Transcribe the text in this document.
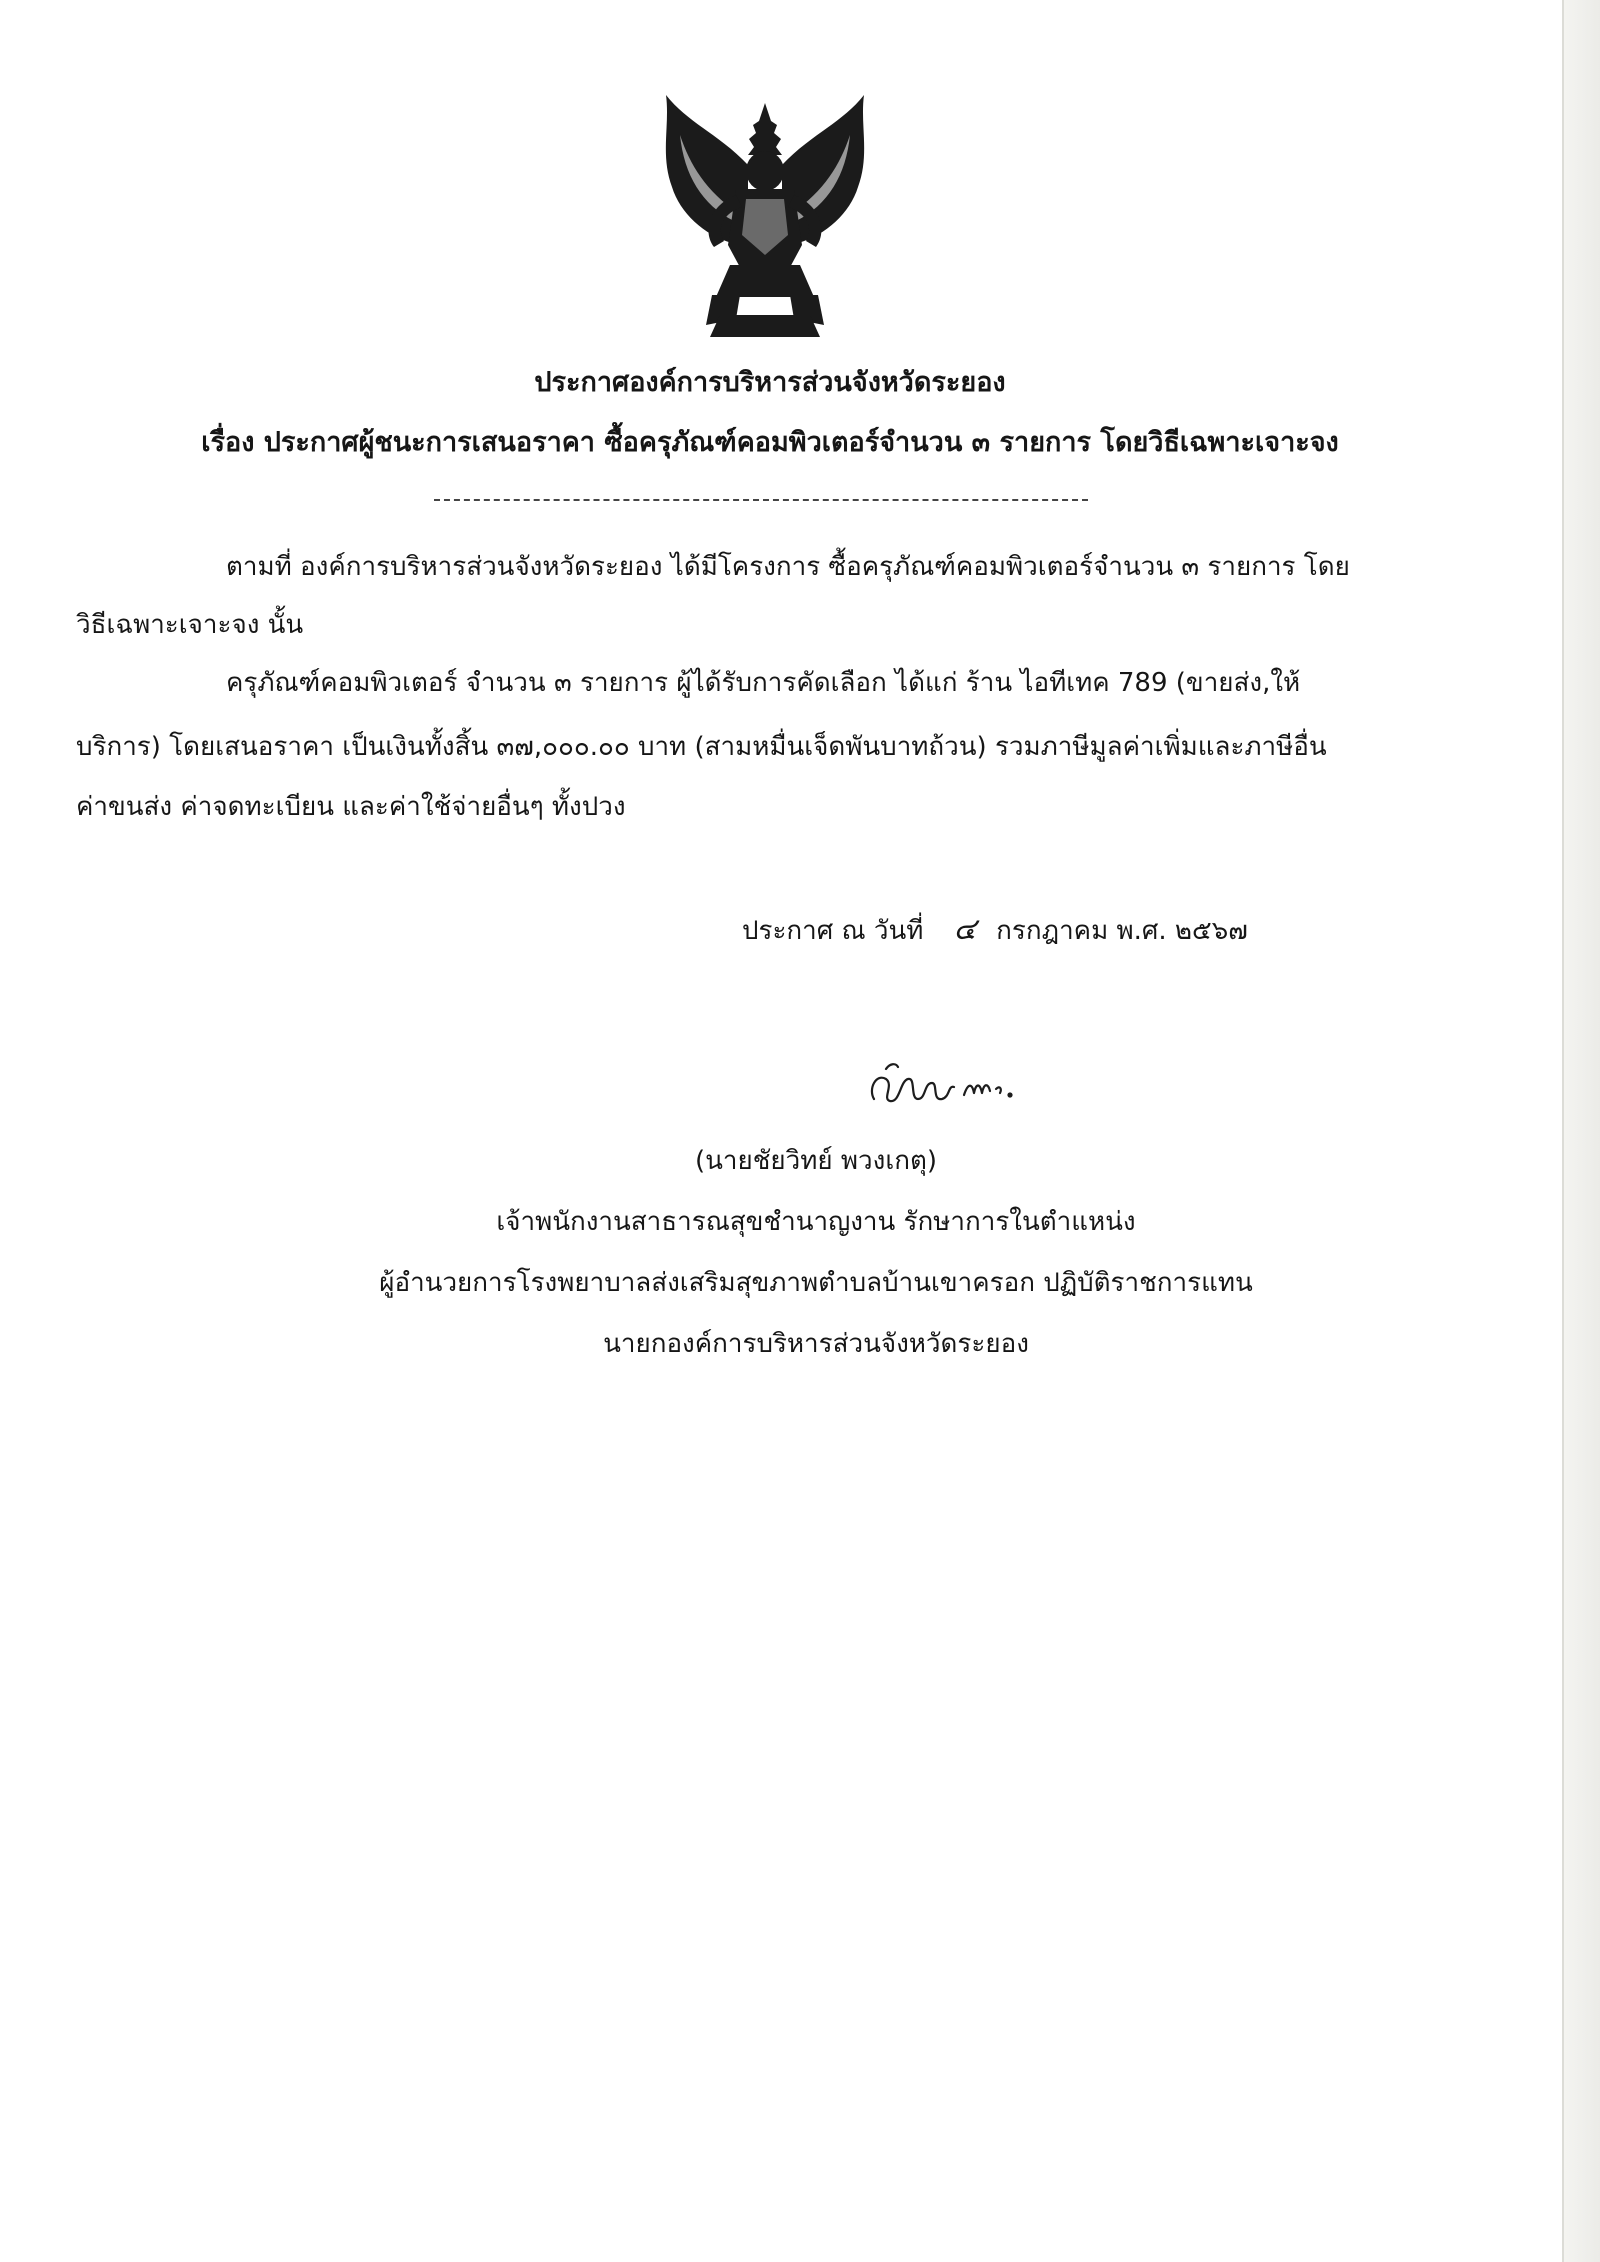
ประกาศองค์การบริหารส่วนจังหวัดระยอง
เรื่อง ประกาศผู้ชนะการเสนอราคา ซื้อครุภัณฑ์คอมพิวเตอร์จำนวน ๓ รายการ โดยวิธีเฉพาะเจาะจง
ตามที่ องค์การบริหารส่วนจังหวัดระยอง ได้มีโครงการ ซื้อครุภัณฑ์คอมพิวเตอร์จำนวน ๓ รายการ โดย
วิธีเฉพาะเจาะจง นั้น
ครุภัณฑ์คอมพิวเตอร์ จำนวน ๓ รายการ ผู้ได้รับการคัดเลือก ได้แก่ ร้าน ไอทีเทค 789 (ขายส่ง,ให้
บริการ) โดยเสนอราคา เป็นเงินทั้งสิ้น ๓๗,๐๐๐.๐๐ บาท (สามหมื่นเจ็ดพันบาทถ้วน) รวมภาษีมูลค่าเพิ่มและภาษีอื่น
ค่าขนส่ง ค่าจดทะเบียน และค่าใช้จ่ายอื่นๆ ทั้งปวง
ประกาศ ณ วันที่ ๔ กรกฎาคม พ.ศ. ๒๕๖๗
(นายชัยวิทย์ พวงเกตุ)
เจ้าพนักงานสาธารณสุขชำนาญงาน รักษาการในตำแหน่ง
ผู้อำนวยการโรงพยาบาลส่งเสริมสุขภาพตำบลบ้านเขาครอก ปฏิบัติราชการแทน
นายกองค์การบริหารส่วนจังหวัดระยอง
